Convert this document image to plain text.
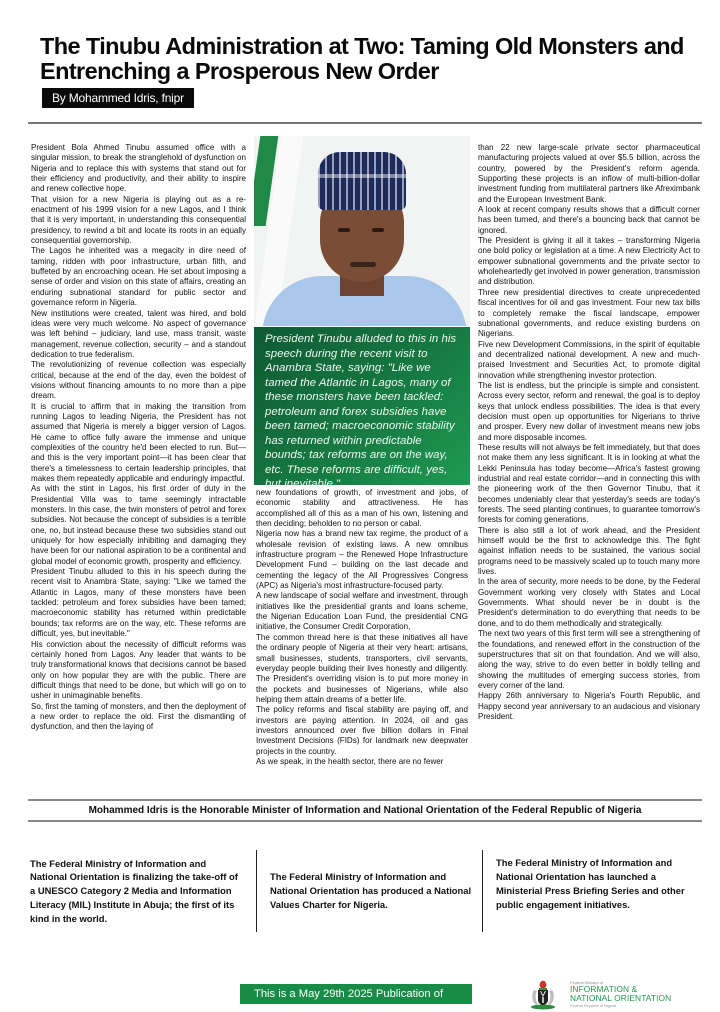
The Tinubu Administration at Two: Taming Old Monsters and Entrenching a Prosperous New Order
By Mohammed Idris, fnipr

President Bola Ahmed Tinubu assumed office with a singular mission, to break the stranglehold of dysfunction on Nigeria and to replace this with systems that stand out for their efficiency and productivity, and their ability to inspire and renew collective hope.

That vision for a new Nigeria is playing out as a re-enactment of his 1999 vision for a new Lagos, and I think that it is very important, in understanding this consequential presidency, to rewind a bit and locate its roots in an equally consequential governorship.

The Lagos he inherited was a megacity in dire need of taming, ridden with poor infrastructure, urban filth, and buffeted by an encroaching ocean. He set about imposing a sense of order and vision on this state of affairs, creating an enduring subnational standard for public sector and governance reform in Nigeria.

New institutions were created, talent was hired, and bold ideas were very much welcome. No aspect of governance was left behind – judiciary, land use, mass transit, waste management, revenue collection, security – and a standout dedication to true federalism.

The revolutionizing of revenue collection was especially critical, because at the end of the day, even the boldest of visions without financing amounts to no more than a pipe dream.

It is crucial to affirm that in making the transition from running Lagos to leading Nigeria, the President has not assumed that Nigeria is merely a bigger version of Lagos. He came to office fully aware the immense and unique complexities of the country he'd been elected to run. But—and this is the very important point—it has been clear that there's a timelessness to certain leadership principles, that makes them repeatedly applicable and enduringly impactful.

As with the stint in Lagos, his first order of duty in the Presidential Villa was to tame seemingly intractable monsters. In this case, the twin monsters of petrol and forex subsidies. Not because the concept of subsidies is a terrible one, no, but instead because these two subsidies stand out uniquely for how especially inhibiting and damaging they have been for our national aspiration to be a continental and global model of economic growth, prosperity and efficiency.

President Tinubu alluded to this in his speech during the recent visit to Anambra State, saying: "Like we tamed the Atlantic in Lagos, many of these monsters have been tackled: petroleum and forex subsidies have been tamed; macroeconomic stability has returned within predictable bounds; tax reforms are on the way, etc. These reforms are difficult, yes, but inevitable."

His conviction about the necessity of difficult reforms was certainly honed from Lagos. Any leader that wants to be truly transformational knows that decisions cannot be based only on how popular they are with the public. There are difficult things that need to be done, but which will go on to usher in unimaginable benefits.

So, first the taming of monsters, and then the deployment of a new order to replace the old. First the dismantling of dysfunction, and then the laying of

President Tinubu alluded to this in his speech during the recent visit to Anambra State, saying: "Like we tamed the Atlantic in Lagos, many of these monsters have been tackled: petroleum and forex subsidies have been tamed; macroeconomic stability has returned within predictable bounds; tax reforms are on the way, etc. These reforms are difficult, yes, but inevitable."

new foundations of growth, of investment and jobs, of economic stability and attractiveness. He has accomplished all of this as a man of his own, listening and then deciding; beholden to no person or cabal.

Nigeria now has a brand new tax regime, the product of a wholesale revision of existing laws. A new omnibus infrastructure program – the Renewed Hope Infrastructure Development Fund – building on the last decade and cementing the legacy of the All Progressives Congress (APC) as Nigeria's most infrastructure-focused party.

A new landscape of social welfare and investment, through initiatives like the presidential grants and loans scheme, the Nigerian Education Loan Fund, the presidential CNG initiative, the Consumer Credit Corporation,

The common thread here is that these initiatives all have the ordinary people of Nigeria at their very heart: artisans, small businesses, students, transporters, civil servants, everyday people building their lives honestly and diligently. The President's overriding vision is to put more money in the pockets and businesses of Nigerians, while also helping them attain dreams of a better life.

The policy reforms and fiscal stability are paying off, and investors are paying attention. In 2024, oil and gas investors announced over five billion dollars in Final Investment Decisions (FIDs) for landmark new deepwater projects in the country.

As we speak, in the health sector, there are no fewer

than 22 new large-scale private sector pharmaceutical manufacturing projects valued at over $5.5 billion, across the country, powered by the President's reform agenda. Supporting these projects is an inflow of multi-billion-dollar investment funding from multilateral partners like Afreximbank and the European Investment Bank.

A look at recent company results shows that a difficult corner has been turned, and there's a bouncing back that cannot be ignored.

The President is giving it all it takes – transforming Nigeria one bold policy or legislation at a time. A new Electricity Act to empower subnational governments and the private sector to wholeheartedly get involved in power generation, transmission and distribution.

Three new presidential directives to create unprecedented fiscal incentives for oil and gas investment. Four new tax bills to completely remake the fiscal landscape, empower subnational governments, and reduce existing burdens on Nigerians.

Five new Development Commissions, in the spirit of equitable and decentralized national development. A new and much-praised Investment and Securities Act, to promote digital innovation while strengthening investor protection.

The list is endless, but the principle is simple and consistent. Across every sector, reform and renewal, the goal is to deploy keys that unlock endless possibilities. The idea is that every decision must open up opportunities for Nigerians to thrive and prosper. Every new dollar of investment means new jobs and more disposable incomes.

These results will not always be felt immediately, but that does not make them any less significant. It is in looking at what the Lekki Peninsula has today become—Africa's fastest growing industrial and real estate corridor—and in connecting this with the pioneering work of the then Governor Tinubu, that it becomes undeniably clear that yesterday's seeds are today's forests. The seed planting continues, to guarantee tomorrow's forests for coming generations.

There is also still a lot of work ahead, and the President himself would be the first to acknowledge this. The fight against inflation needs to be sustained, the various social programs need to be massively scaled up to touch many more lives.

In the area of security, more needs to be done, by the Federal Government working very closely with States and Local Governments. What should never be in doubt is the President's determination to do everything that needs to be done, and to do them methodically and strategically.

The next two years of this first term will see a strengthening of the foundations, and renewed effort in the construction of the superstructures that sit on that foundation. And we will also, along the way, strive to do even better in boldly telling and showing the multitudes of emerging success stories, from every corner of the land.

Happy 26th anniversary to Nigeria's Fourth Republic, and Happy second year anniversary to an audacious and visionary President.

Mohammed Idris is the Honorable Minister of Information and National Orientation of the Federal Republic of Nigeria
The Federal Ministry of Information and National Orientation is finalizing the take-off of a UNESCO Category 2 Media and Information Literacy (MIL) Institute in Abuja; the first of its kind in the world.
The Federal Ministry of Information and National Orientation has produced a National Values Charter for Nigeria.
The Federal Ministry of Information and National Orientation has launched a Ministerial Press Briefing Series and other public engagement initiatives.
This is a May 29th 2025 Publication of
Federal Ministry of
INFORMATION &
NATIONAL ORIENTATION
Federal Republic of Nigeria
